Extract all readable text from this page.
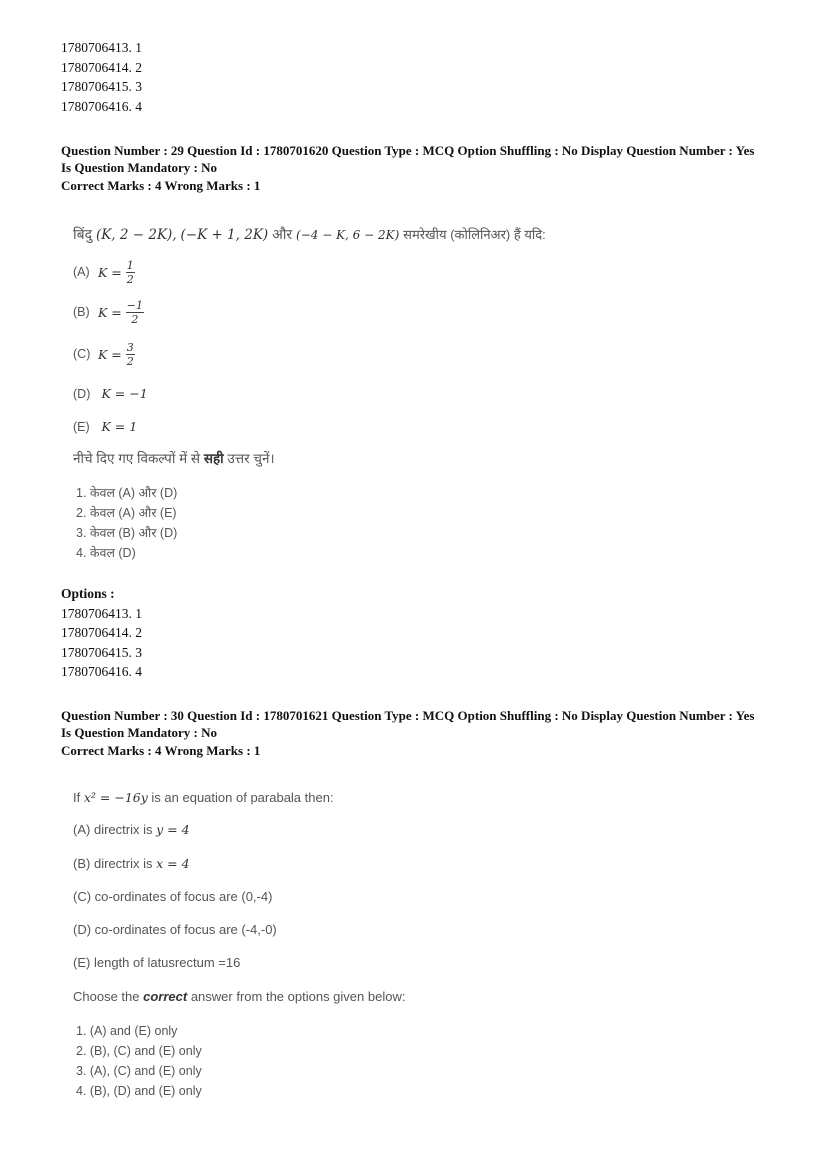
1780706413. 1
1780706414. 2
1780706415. 3
1780706416. 4
Question Number : 29 Question Id : 1780701620 Question Type : MCQ Option Shuffling : No Display Question Number : Yes
Is Question Mandatory : No
Correct Marks : 4 Wrong Marks : 1
बिंदु (K, 2 − 2K), (−K + 1, 2K) और (−4 − K, 6 − 2K) समरेखीय (कोलिनिअर) हैं यदि:
(A) $K = \frac{1}{2}$
(B) $K = \frac{-1}{2}$
(C) $K = \frac{3}{2}$
(D) K = −1
(E) K = 1
नीचे दिए गए विकल्पों में से सही उत्तर चुनें।
1. केवल (A) और (D)
2. केवल (A) और (E)
3. केवल (B) और (D)
4. केवल (D)
Options :
1780706413. 1
1780706414. 2
1780706415. 3
1780706416. 4
Question Number : 30 Question Id : 1780701621 Question Type : MCQ Option Shuffling : No Display Question Number : Yes
Is Question Mandatory : No
Correct Marks : 4 Wrong Marks : 1
If x² = −16y is an equation of parabala then:
(A) directrix is y = 4
(B) directrix is x = 4
(C) co-ordinates of focus are (0,-4)
(D) co-ordinates of focus are (-4,-0)
(E) length of latusrectum =16
Choose the correct answer from the options given below:
1. (A) and (E) only
2. (B), (C) and (E) only
3. (A), (C) and (E) only
4. (B), (D) and (E) only
